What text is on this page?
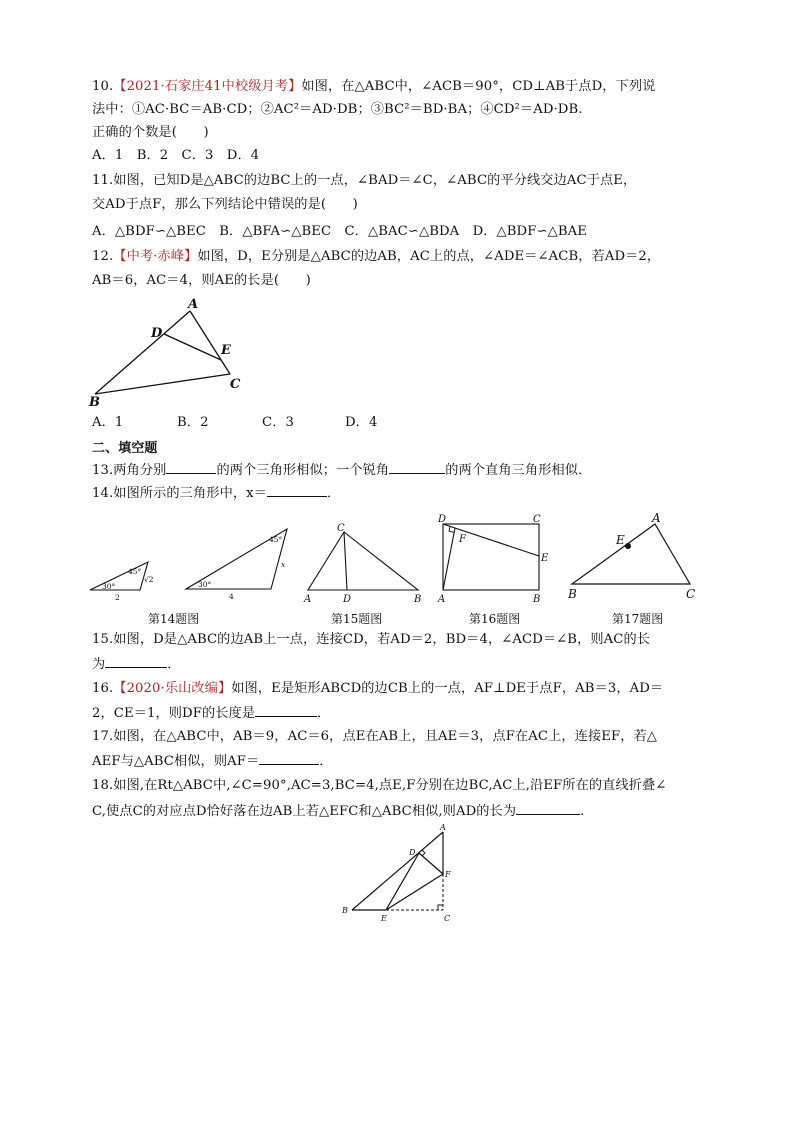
10.【2021·石家庄41中校级月考】如图，在△ABC中，∠ACB＝90°，CD⊥AB于点D，下列说
法中：①AC·BC＝AB·CD；②AC²＝AD·DB；③BC²＝BD·BA；④CD²＝AD·DB.
正确的个数是(　　)
A．1　B．2　C．3　D．4
11.如图，已知D是△ABC的边BC上的一点，∠BAD＝∠C，∠ABC的平分线交边AC于点E，
交AD于点F，那么下列结论中错误的是(　　)
A．△BDF∽△BEC　B．△BFA∽△BEC　C．△BAC∽△BDA　D．△BDF∽△BAE
12.【中考·赤峰】如图，D，E分别是△ABC的边AB，AC上的点，∠ADE＝∠ACB，若AD＝2，
AB＝6，AC＝4，则AE的长是(　　)
A
B
C
D
E
A．1	B．2	C．3	D．4
二、填空题
13.两角分别	的两个三角形相似；一个锐角	的两个直角三角形相似．
14.如图所示的三角形中，x＝	．
30°
45°
√2
2
30°
45°
x
4	A	B
C
D
D	C
A	B
E
F
A
B	C
E
第14题图	第15题图	第16题图	第17题图
15.如图，D是△ABC的边AB上一点，连接CD，若AD＝2，BD＝4，∠ACD＝∠B，则AC的长
为	．
16.【2020·乐山改编】如图，E是矩形ABCD的边CB上的一点，AF⊥DE于点F，AB＝3，AD＝
2，CE＝1，则DF的长度是	．
17.如图，在△ABC中，AB＝9，AC＝6，点E在AB上，且AE＝3，点F在AC上，连接EF，若△
AEF与△ABC相似，则AF＝	．
18.如图,在Rt△ABC中,∠C=90°,AC=3,BC=4,点E,F分别在边BC,AC上,沿EF所在的直线折叠∠
C,使点C的对应点D恰好落在边AB上若△EFC和△ABC相似,则AD的长为	.
A
B
C
D
E
F
